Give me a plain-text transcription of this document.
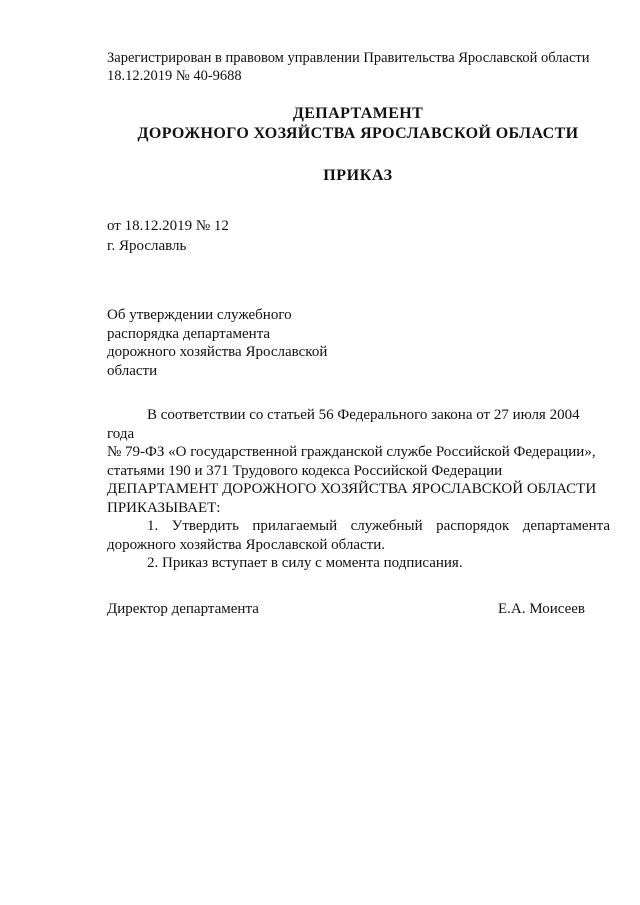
Зарегистрирован в правовом управлении Правительства Ярославской области
18.12.2019 № 40-9688
ДЕПАРТАМЕНТ
ДОРОЖНОГО ХОЗЯЙСТВА ЯРОСЛАВСКОЙ ОБЛАСТИ
ПРИКАЗ
от 18.12.2019 № 12
г. Ярославль
Об утверждении служебного
распорядка департамента
дорожного хозяйства Ярославской
области

В соответствии со статьей 56 Федерального закона от 27 июля 2004 года

№ 79-ФЗ «О государственной гражданской службе Российской Федерации»,

статьями 190 и 371 Трудового кодекса Российской Федерации

ДЕПАРТАМЕНТ ДОРОЖНОГО ХОЗЯЙСТВА ЯРОСЛАВСКОЙ ОБЛАСТИ

ПРИКАЗЫВАЕТ:

1. Утвердить прилагаемый служебный распорядок департамента

дорожного хозяйства Ярославской области.

2. Приказ вступает в силу с момента подписания.

Директор департамента	Е.А. Моисеев
